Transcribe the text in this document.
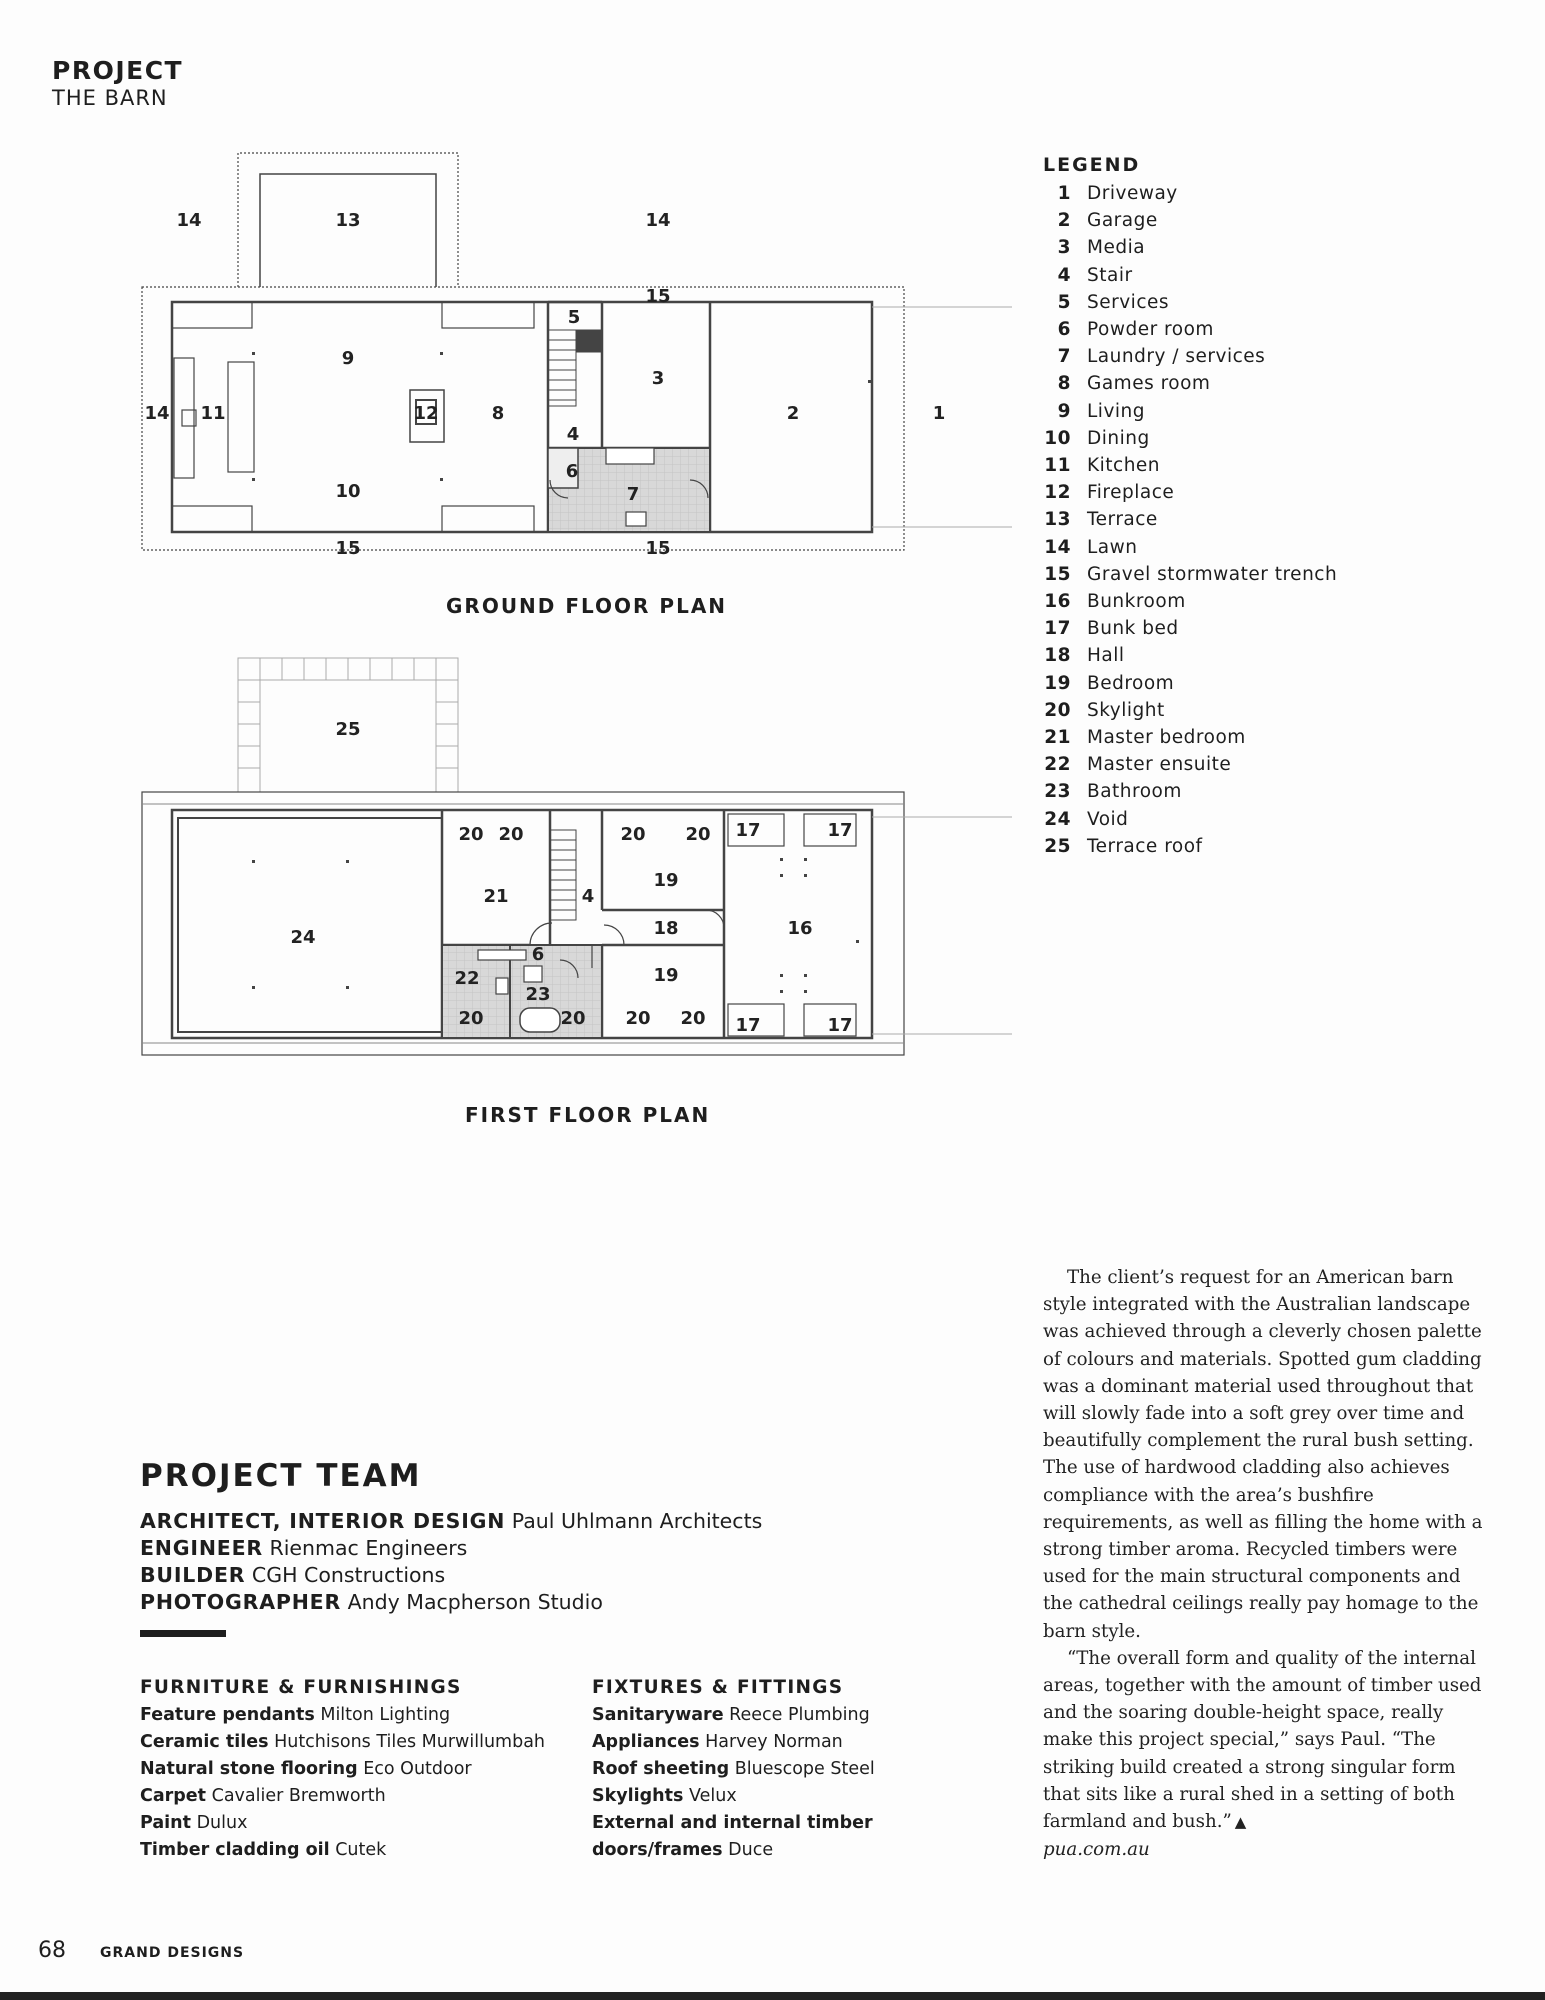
PROJECT
THE BARN
14	13	14
15
5
9
3
14 11	12	8	2	1
4
6
7
10
15	15
25
20 20	20 20 17	17
21	4
19
24	18	16
6
19
22
23
20	20 20 20 17	17
GROUND FLOOR PLAN
FIRST FLOOR PLAN
LEGEND
1 Driveway
2 Garage
3 Media
4 Stair
5 Services
6 Powder room
7 Laundry / services
8 Games room
9 Living
10 Dining
11 Kitchen
12 Fireplace
13 Terrace
14 Lawn
15 Gravel stormwater trench
16 Bunkroom
17 Bunk bed
18 Hall
19 Bedroom
20 Skylight
21 Master bedroom
22 Master ensuite
23 Bathroom
24 Void
25 Terrace roof
PROJECT TEAM
ARCHITECT, INTERIOR DESIGN Paul Uhlmann Architects
ENGINEER Rienmac Engineers
BUILDER CGH Constructions
PHOTOGRAPHER Andy Macpherson Studio
FURNITURE & FURNISHINGS
Feature pendants Milton Lighting
Ceramic tiles Hutchisons Tiles Murwillumbah
Natural stone flooring Eco Outdoor
Carpet Cavalier Bremworth
Paint Dulux
Timber cladding oil Cutek
FIXTURES & FITTINGS
Sanitaryware Reece Plumbing
Appliances Harvey Norman
Roof sheeting Bluescope Steel
Skylights Velux
External and internal timber doors/frames Duce

The client’s request for an American barn style integrated with the Australian landscape was achieved through a cleverly chosen palette of colours and materials. Spotted gum cladding was a dominant material used throughout that will slowly fade into a soft grey over time and beautifully complement the rural bush setting. The use of hardwood cladding also achieves compliance with the area’s bushfire requirements, as well as filling the home with a strong timber aroma. Recycled timbers were used for the main structural components and the cathedral ceilings really pay homage to the barn style.

“The overall form and quality of the internal areas, together with the amount of timber used and the soaring double-height space, really make this project special,” says Paul. “The striking build created a strong singular form that sits like a rural shed in a setting of both farmland and bush.” ▲

pua.com.au
68 GRAND DESIGNS
